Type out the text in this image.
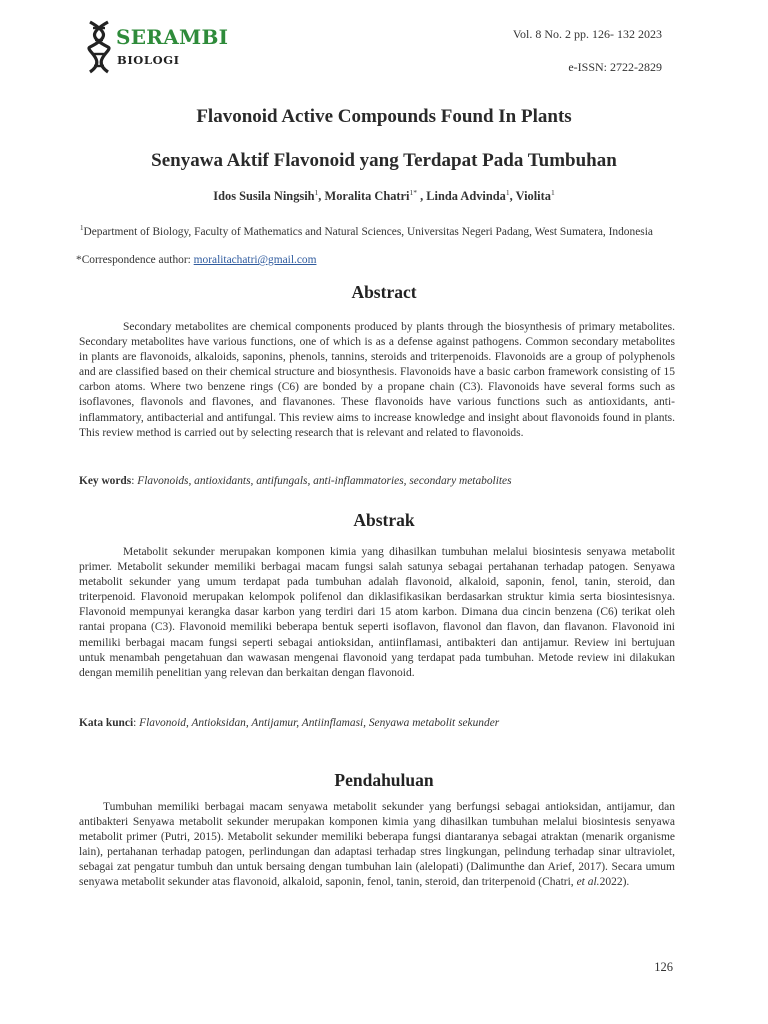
SERAMBI
BIOLOGI
Vol. 8 No. 2 pp. 126- 132 2023
e-ISSN: 2722-2829
Flavonoid Active Compounds Found In Plants
Senyawa Aktif Flavonoid yang Terdapat Pada Tumbuhan
Idos Susila Ningsih$^1$, Moralita Chatri$^{1*}$ , Linda Advinda$^1$, Violita$^1$
$^1$Department of Biology, Faculty of Mathematics and Natural Sciences, Universitas Negeri Padang, West Sumatera, Indonesia
*Correspondence author: moralitachatri@gmail.com
Abstract
Secondary metabolites are chemical components produced by plants through the biosynthesis of primary metabolites. Secondary metabolites have various functions, one of which is as a defense against pathogens. Common secondary metabolites in plants are flavonoids, alkaloids, saponins, phenols, tannins, steroids and triterpenoids. Flavonoids are a group of polyphenols and are classified based on their chemical structure and biosynthesis. Flavonoids have a basic carbon framework consisting of 15 carbon atoms. Where two benzene rings (C6) are bonded by a propane chain (C3). Flavonoids have several forms such as isoflavones, flavonols and flavones, and flavanones. These flavonoids have various functions such as antioxidants, anti-inflammatory, antibacterial and antifungal. This review aims to increase knowledge and insight about flavonoids found in plants. This review method is carried out by selecting research that is relevant and related to flavonoids.
Key words: Flavonoids, antioxidants, antifungals, anti-inflammatories, secondary metabolites
Abstrak
Metabolit sekunder merupakan komponen kimia yang dihasilkan tumbuhan melalui biosintesis senyawa metabolit primer. Metabolit sekunder memiliki berbagai macam fungsi salah satunya sebagai pertahanan terhadap patogen. Senyawa metabolit sekunder yang umum terdapat pada tumbuhan adalah flavonoid, alkaloid, saponin, fenol, tanin, steroid, dan triterpenoid. Flavonoid merupakan kelompok polifenol dan diklasifikasikan berdasarkan struktur kimia serta biosintesisnya. Flavonoid mempunyai kerangka dasar karbon yang terdiri dari 15 atom karbon. Dimana dua cincin benzena (C6) terikat oleh rantai propana (C3). Flavonoid memiliki beberapa bentuk seperti isoflavon, flavonol dan flavon, dan flavanon. Flavonoid ini memiliki berbagai macam fungsi seperti sebagai antioksidan, antiinflamasi, antibakteri dan antijamur. Review ini bertujuan untuk menambah pengetahuan dan wawasan mengenai flavonoid yang terdapat pada tumbuhan. Metode review ini dilakukan dengan memilih penelitian yang relevan dan berkaitan dengan flavonoid.
Kata kunci: Flavonoid, Antioksidan, Antijamur, Antiinflamasi, Senyawa metabolit sekunder
Pendahuluan
Tumbuhan memiliki berbagai macam senyawa metabolit sekunder yang berfungsi sebagai antioksidan, antijamur, dan antibakteri Senyawa metabolit sekunder merupakan komponen kimia yang dihasilkan tumbuhan melalui biosintesis senyawa metabolit primer (Putri, 2015). Metabolit sekunder memiliki beberapa fungsi diantaranya sebagai atraktan (menarik organisme lain), pertahanan terhadap patogen, perlindungan dan adaptasi terhadap stres lingkungan, pelindung terhadap sinar ultraviolet, sebagai zat pengatur tumbuh dan untuk bersaing dengan tumbuhan lain (alelopati) (Dalimunthe dan Arief, 2017). Secara umum senyawa metabolit sekunder atas flavonoid, alkaloid, saponin, fenol, tanin, steroid, dan triterpenoid (Chatri, et al.2022).
126
